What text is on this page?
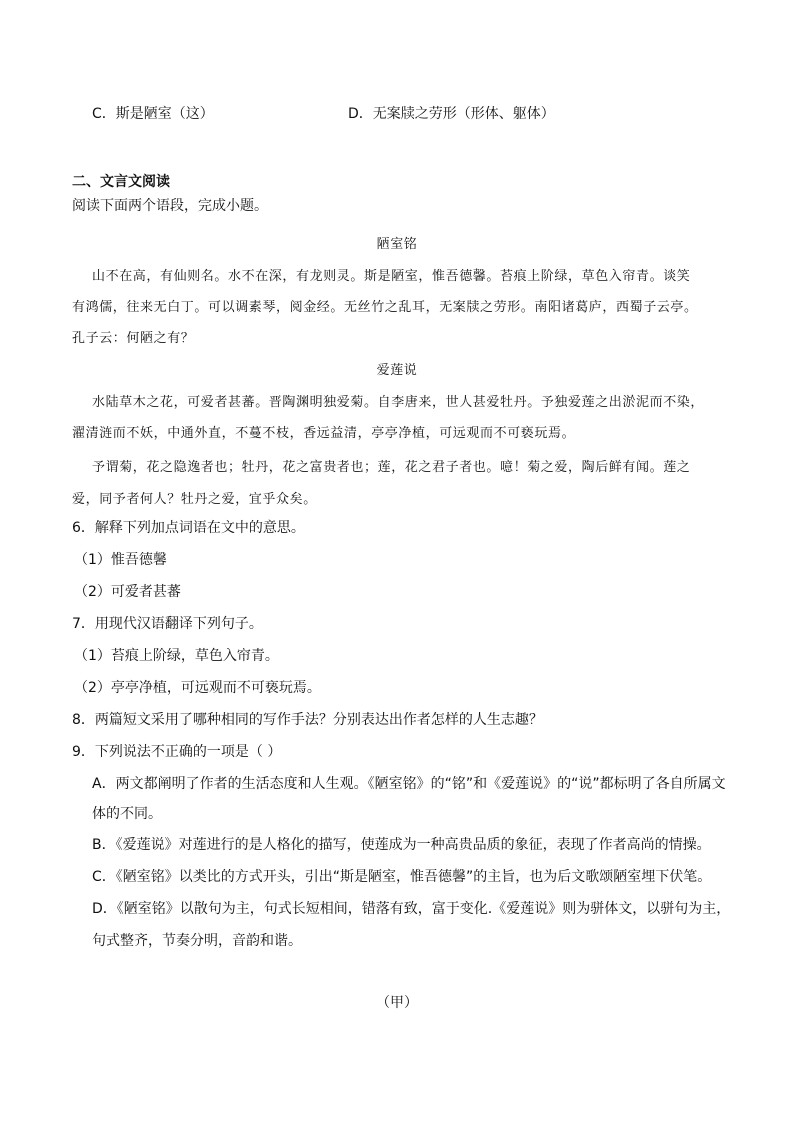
C．斯是陋室（这）	D．无案牍之劳形（形体、躯体）
二、文言文阅读
阅读下面两个语段，完成小题。
陋室铭
山不在高，有仙则名。水不在深，有龙则灵。斯是陋室，惟吾德馨。苔痕上阶绿，草色入帘青。谈笑
有鸿儒，往来无白丁。可以调素琴，阅金经。无丝竹之乱耳，无案牍之劳形。南阳诸葛庐，西蜀子云亭。
孔子云：何陋之有？
爱莲说
水陆草木之花，可爱者甚蕃。晋陶渊明独爱菊。自李唐来，世人甚爱牡丹。予独爱莲之出淤泥而不染，
濯清涟而不妖，中通外直，不蔓不枝，香远益清，亭亭净植，可远观而不可亵玩焉。
予谓菊，花之隐逸者也；牡丹，花之富贵者也；莲，花之君子者也。噫！菊之爱，陶后鲜有闻。莲之
爱，同予者何人？牡丹之爱，宜乎众矣。
6．解释下列加点词语在文中的意思。
（1）惟吾德馨
（2）可爱者甚蕃
7．用现代汉语翻译下列句子。
（1）苔痕上阶绿，草色入帘青。
（2）亭亭净植，可远观而不可亵玩焉。
8．两篇短文采用了哪种相同的写作手法？分别表达出作者怎样的人生志趣？
9．下列说法不正确的一项是（ ）
A．两文都阐明了作者的生活态度和人生观。《陋室铭》的“铭”和《爱莲说》的“说”都标明了各自所属文
体的不同。
B．《爱莲说》对莲进行的是人格化的描写，使莲成为一种高贵品质的象征，表现了作者高尚的情操。
C．《陋室铭》以类比的方式开头，引出“斯是陋室，惟吾德馨”的主旨，也为后文歌颂陋室埋下伏笔。
D．《陋室铭》以散句为主，句式长短相间，错落有致，富于变化.《爱莲说》则为骈体文，以骈句为主，
句式整齐，节奏分明，音韵和谐。
（甲）
